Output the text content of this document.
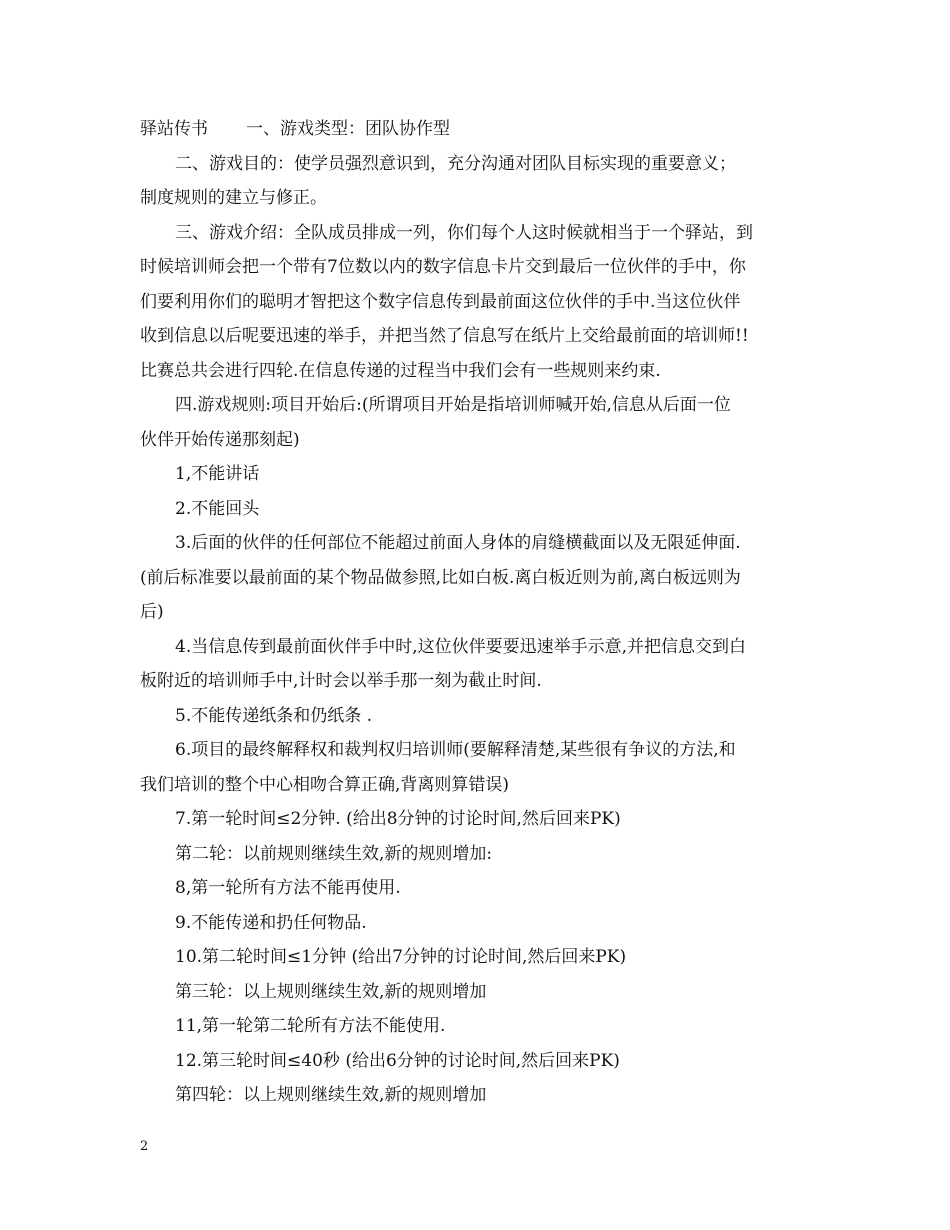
驿站传书 一、游戏类型：团队协作型
二、游戏目的：使学员强烈意识到，充分沟通对团队目标实现的重要意义；
制度规则的建立与修正。
三、游戏介绍：全队成员排成一列，你们每个人这时候就相当于一个驿站，到
时候培训师会把一个带有7位数以内的数字信息卡片交到最后一位伙伴的手中，你
们要利用你们的聪明才智把这个数字信息传到最前面这位伙伴的手中.当这位伙伴
收到信息以后呢要迅速的举手，并把当然了信息写在纸片上交给最前面的培训师!!
比赛总共会进行四轮.在信息传递的过程当中我们会有一些规则来约束.
四.游戏规则:项目开始后:(所谓项目开始是指培训师喊开始,信息从后面一位
伙伴开始传递那刻起)
1,不能讲话
2.不能回头
3.后面的伙伴的任何部位不能超过前面人身体的肩缝横截面以及无限延伸面.
(前后标准要以最前面的某个物品做参照,比如白板.离白板近则为前,离白板远则为
后)
4.当信息传到最前面伙伴手中时,这位伙伴要要迅速举手示意,并把信息交到白
板附近的培训师手中,计时会以举手那一刻为截止时间.
5.不能传递纸条和仍纸条 .
6.项目的最终解释权和裁判权归培训师(要解释清楚,某些很有争议的方法,和
我们培训的整个中心相吻合算正确,背离则算错误)
7.第一轮时间≤2分钟. (给出8分钟的讨论时间,然后回来PK)
第二轮：以前规则继续生效,新的规则增加:
8,第一轮所有方法不能再使用.
9.不能传递和扔任何物品.
10.第二轮时间≤1分钟 (给出7分钟的讨论时间,然后回来PK)
第三轮：以上规则继续生效,新的规则增加
11,第一轮第二轮所有方法不能使用.
12.第三轮时间≤40秒 (给出6分钟的讨论时间,然后回来PK)
第四轮：以上规则继续生效,新的规则增加
2
